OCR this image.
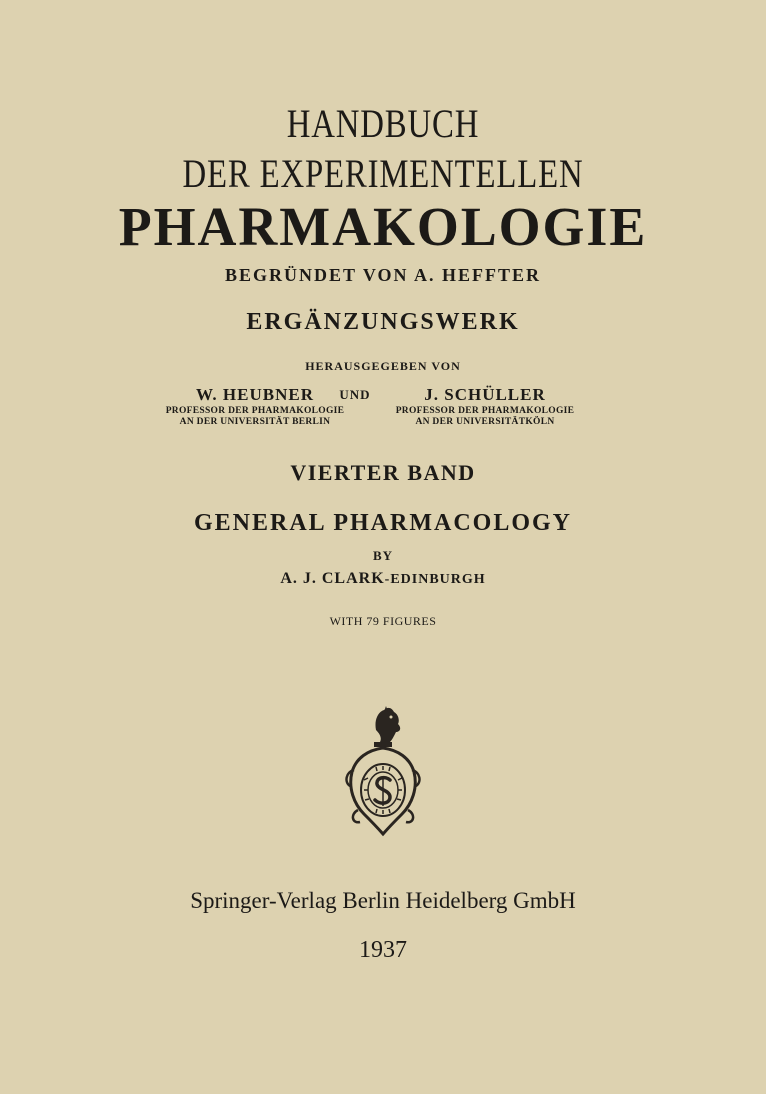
HANDBUCH
DER EXPERIMENTELLEN
PHARMAKOLOGIE
BEGRÜNDET VON A. HEFFTER
ERGÄNZUNGSWERK
HERAUSGEGEBEN VON
W. HEUBNER
PROFESSOR DER PHARMAKOLOGIE
AN DER UNIVERSITÄT BERLIN
UND	J. SCHÜLLER
PROFESSOR DER PHARMAKOLOGIE
AN DER UNIVERSITÄTKÖLN
VIERTER BAND
GENERAL PHARMACOLOGY
BY
A. J. CLARK-EDINBURGH
WITH 79 FIGURES
Springer-Verlag Berlin Heidelberg GmbH
1937
